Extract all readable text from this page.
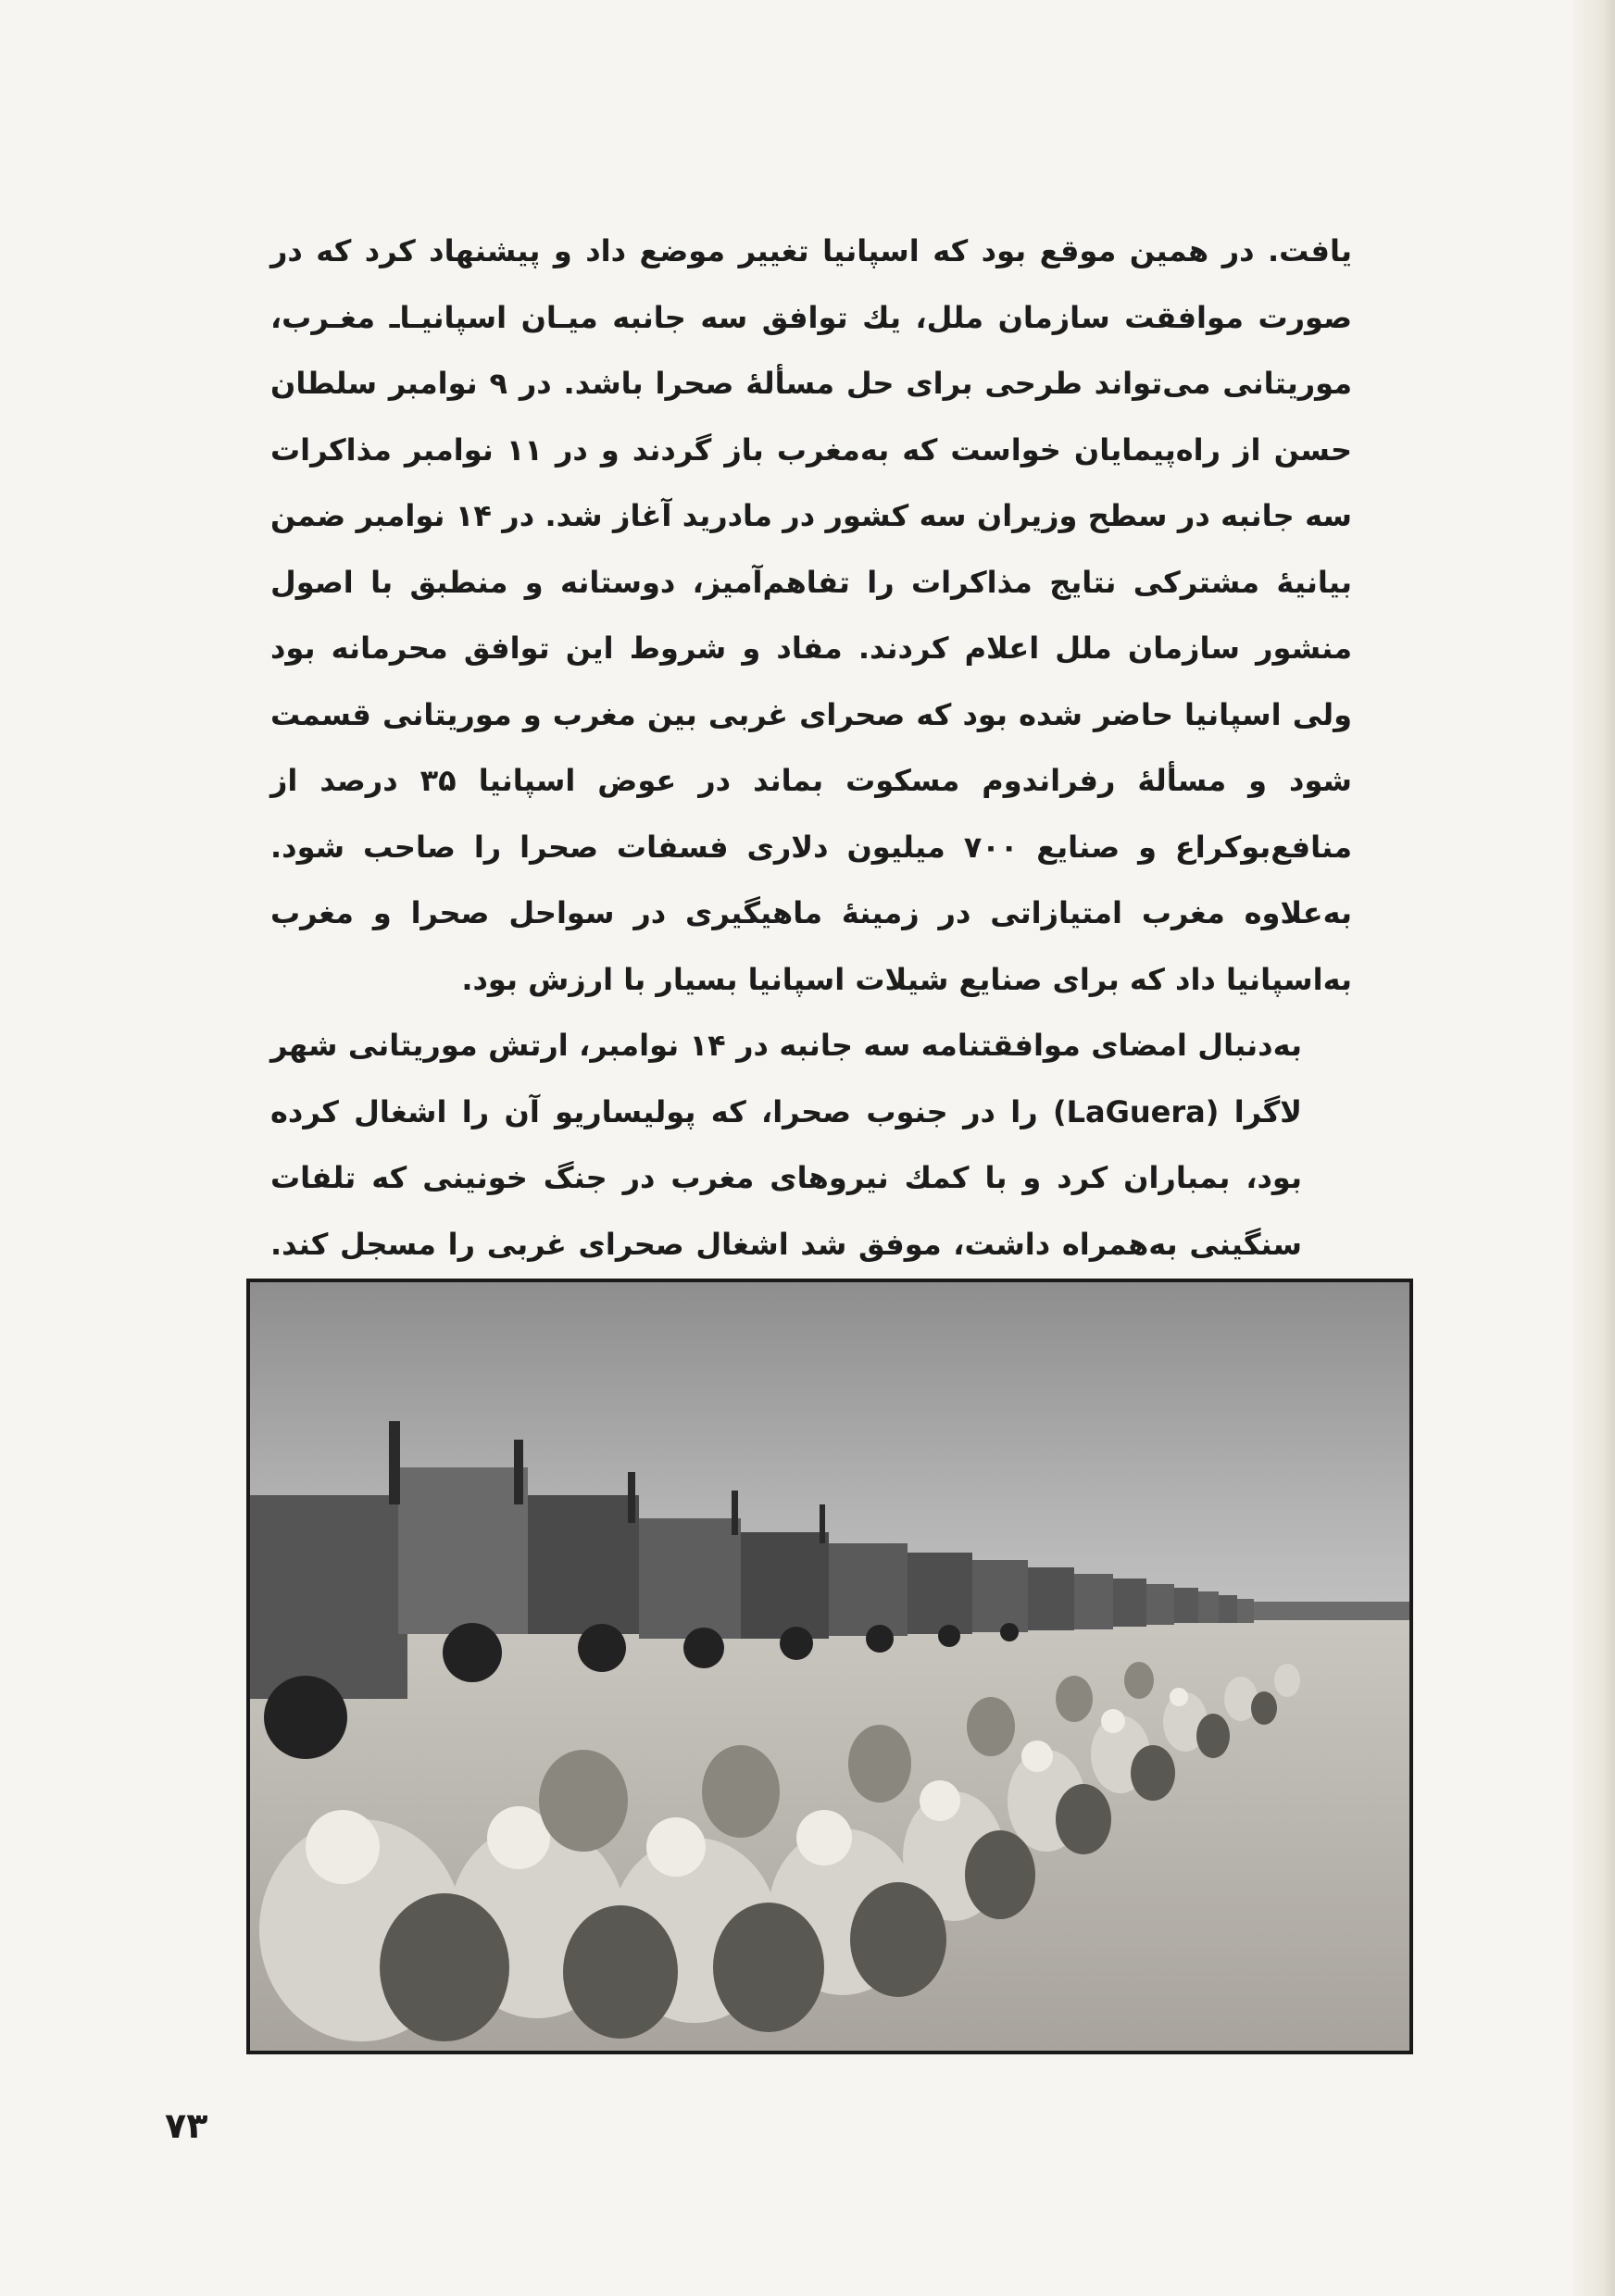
یافت. در همین موقع بود که اسپانیا تغییر موضع داد و پیشنهاد کرد که در صورت موافقت سازمان ملل، یك توافق سه جانبه میـان اسپانیـاـ مغـرب، موریتانی می‌تواند طرحی برای حل مسألهٔ صحرا باشد. در ۹ نوامبر سلطان حسن از راه‌پیمایان خواست که به‌مغرب باز گردند و در ۱۱ نوامبر مذاکرات سه جانبه در سطح وزیران سه کشور در مادرید آغاز شد. در ۱۴ نوامبر ضمن بیانیهٔ مشترکی نتایج مذاکرات را تفاهم‌آمیز، دوستانه و منطبق با اصول منشور سازمان ملل اعلام کردند. مفاد و شروط این توافق محرمانه بود ولی اسپانیا حاضر شده بود که صحرای غربی بین مغرب و موریتانی قسمت شود و مسألهٔ رفراندوم مسکوت بماند در عوض اسپانیا ۳۵ درصد از منافع‌بوکراع و صنایع ۷۰۰ میلیون دلاری فسفات صحرا را صاحب شود. به‌علاوه مغرب امتیازاتی در زمینهٔ ماهیگیری در سواحل صحرا و مغرب به‌اسپانیا داد که برای صنایع شیلات اسپانیا بسیار با ارزش بود.

به‌دنبال امضای موافقتنامه سه جانبه در ۱۴ نوامبر، ارتش موریتانی شهر لاگرا (LaGuera) را در جنوب صحرا، که پولیساریو آن را اشغال کرده بود، بمباران کرد و با کمك نیروهای مغرب در جنگ خونینی که تلفات سنگینی به‌همراه داشت، موفق شد اشغال صحرای غربی را مسجل کند.

۷۳
